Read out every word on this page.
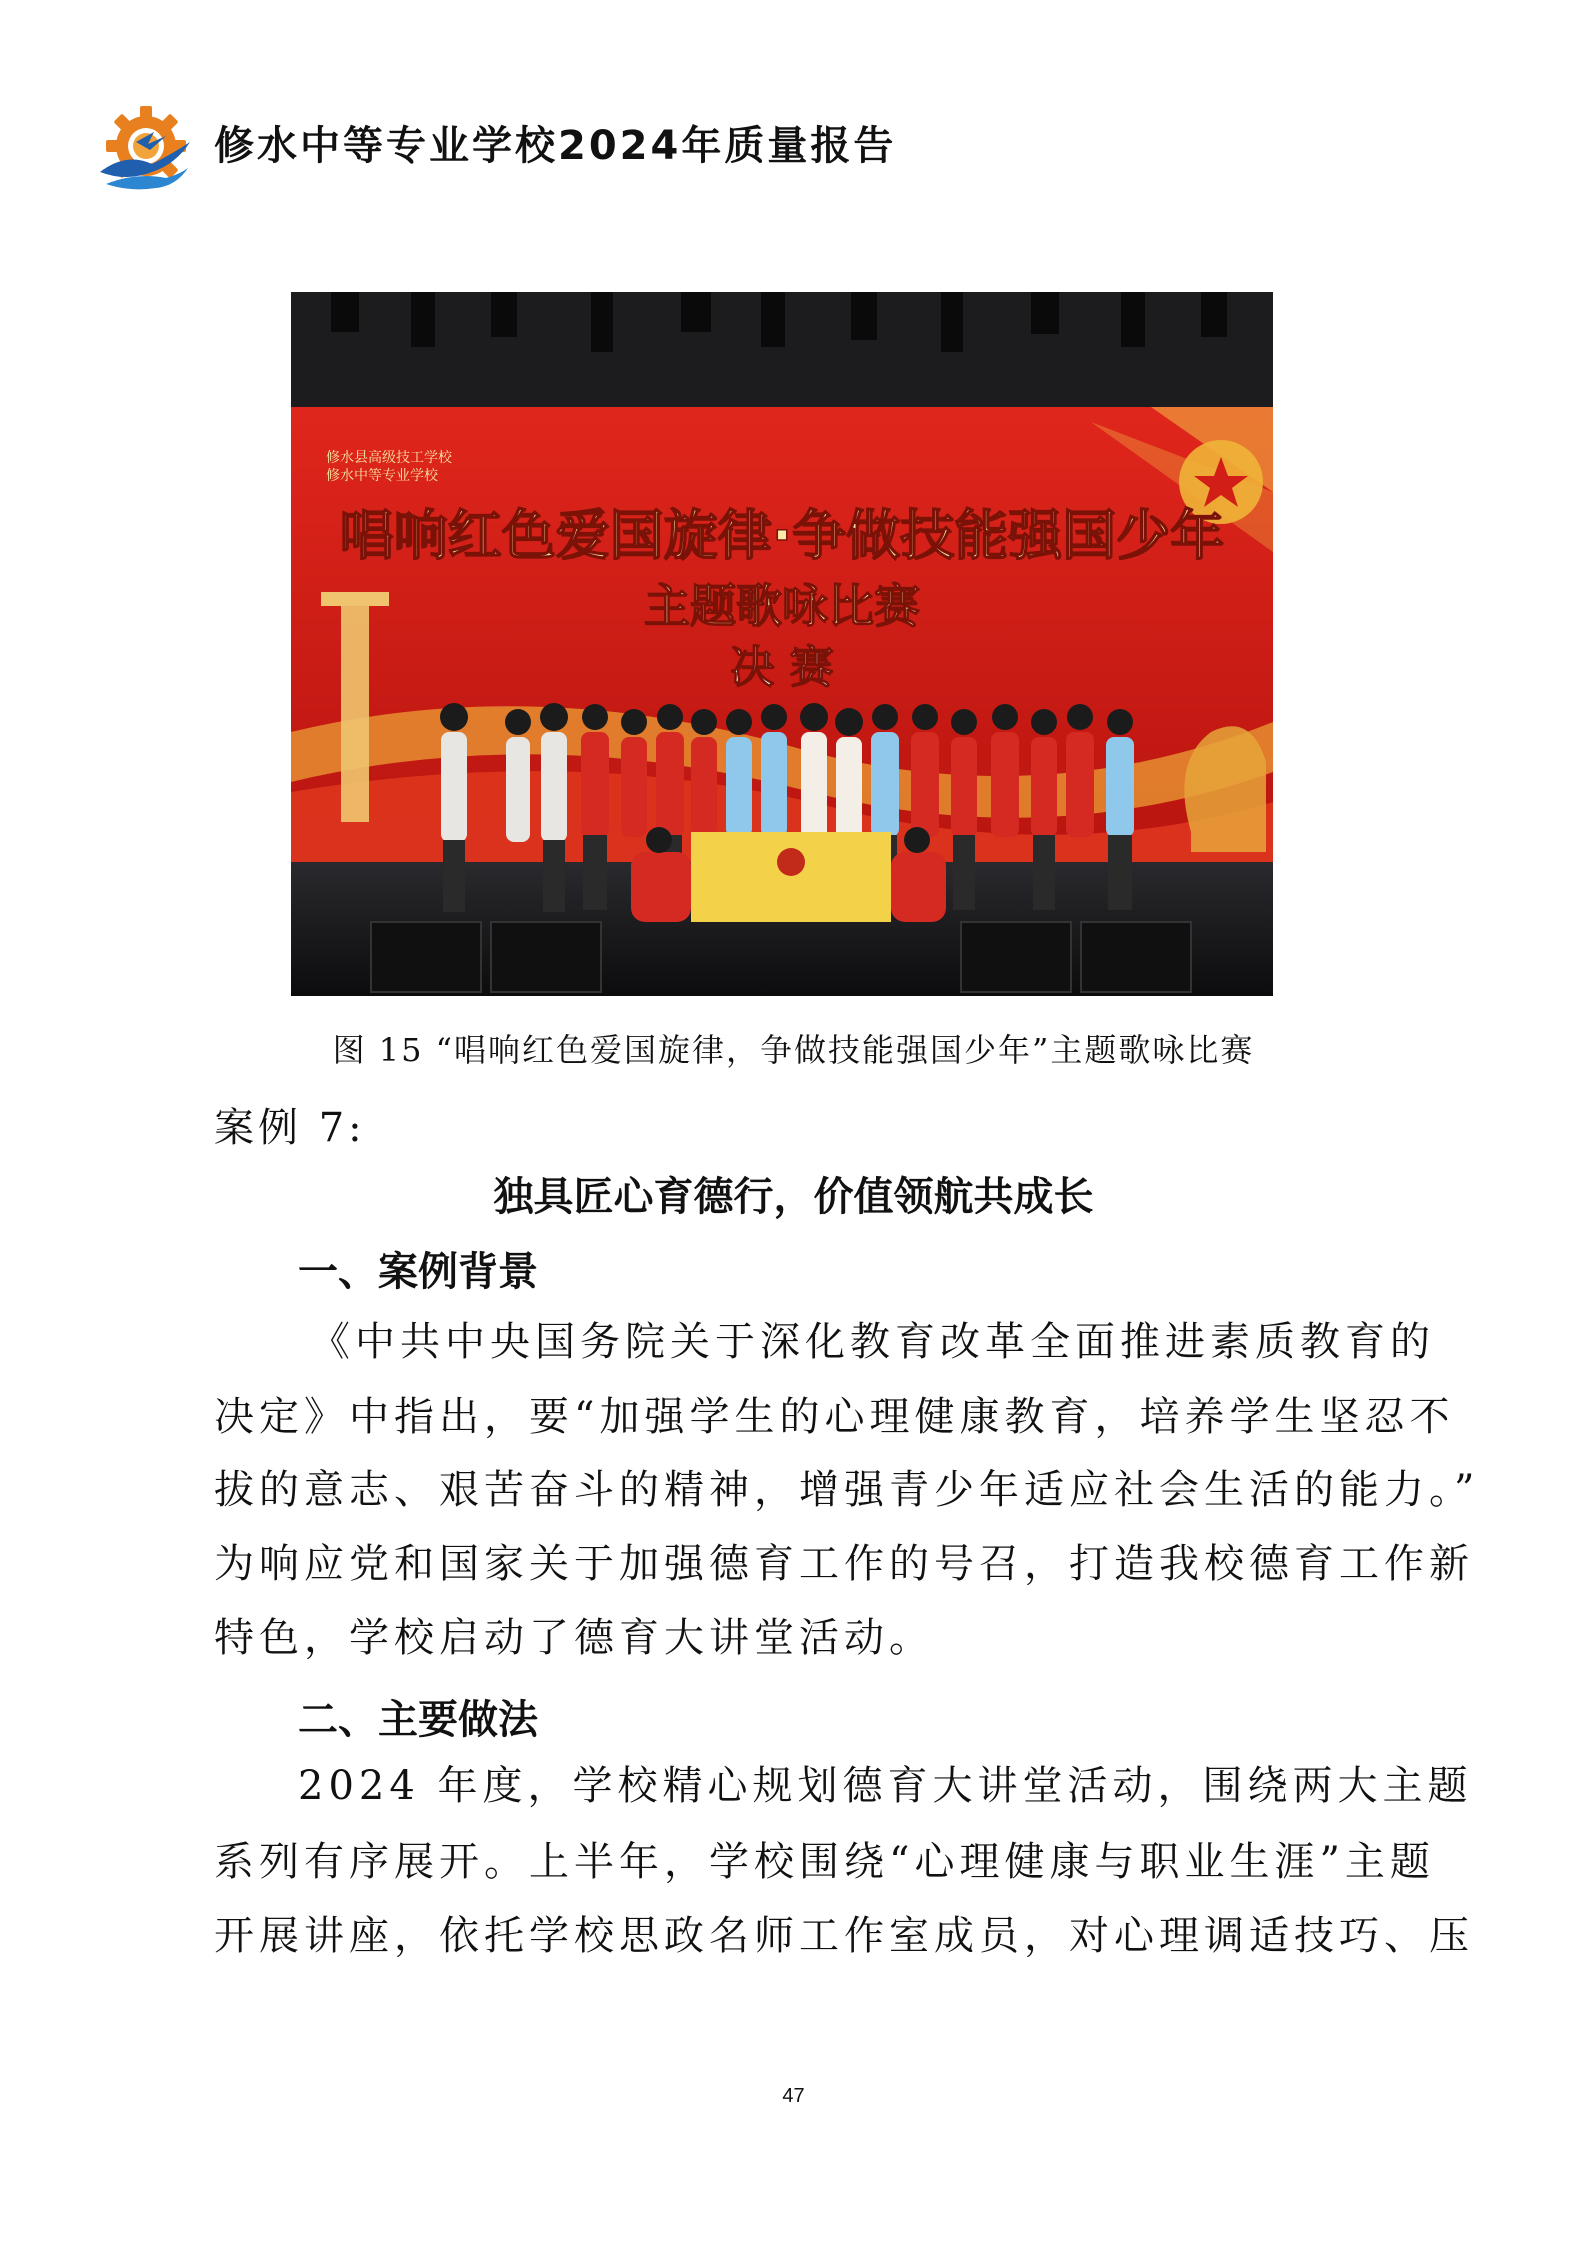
修水中等专业学校2024年质量报告
修水县高级技工学校
修水中等专业学校
唱响红色爱国旋律·争做技能强国少年
主题歌咏比赛
决 赛
图 15 “唱响红色爱国旋律，争做技能强国少年”主题歌咏比赛
案例 7:
独具匠心育德行，价值领航共成长
一、案例背景
《中共中央国务院关于深化教育改革全面推进素质教育的
决定》中指出，要“加强学生的心理健康教育，培养学生坚忍不
拔的意志、艰苦奋斗的精神，增强青少年适应社会生活的能力。”
为响应党和国家关于加强德育工作的号召，打造我校德育工作新
特色，学校启动了德育大讲堂活动。
二、主要做法
2024 年度，学校精心规划德育大讲堂活动，围绕两大主题
系列有序展开。上半年，学校围绕“心理健康与职业生涯”主题
开展讲座，依托学校思政名师工作室成员，对心理调适技巧、压
47
